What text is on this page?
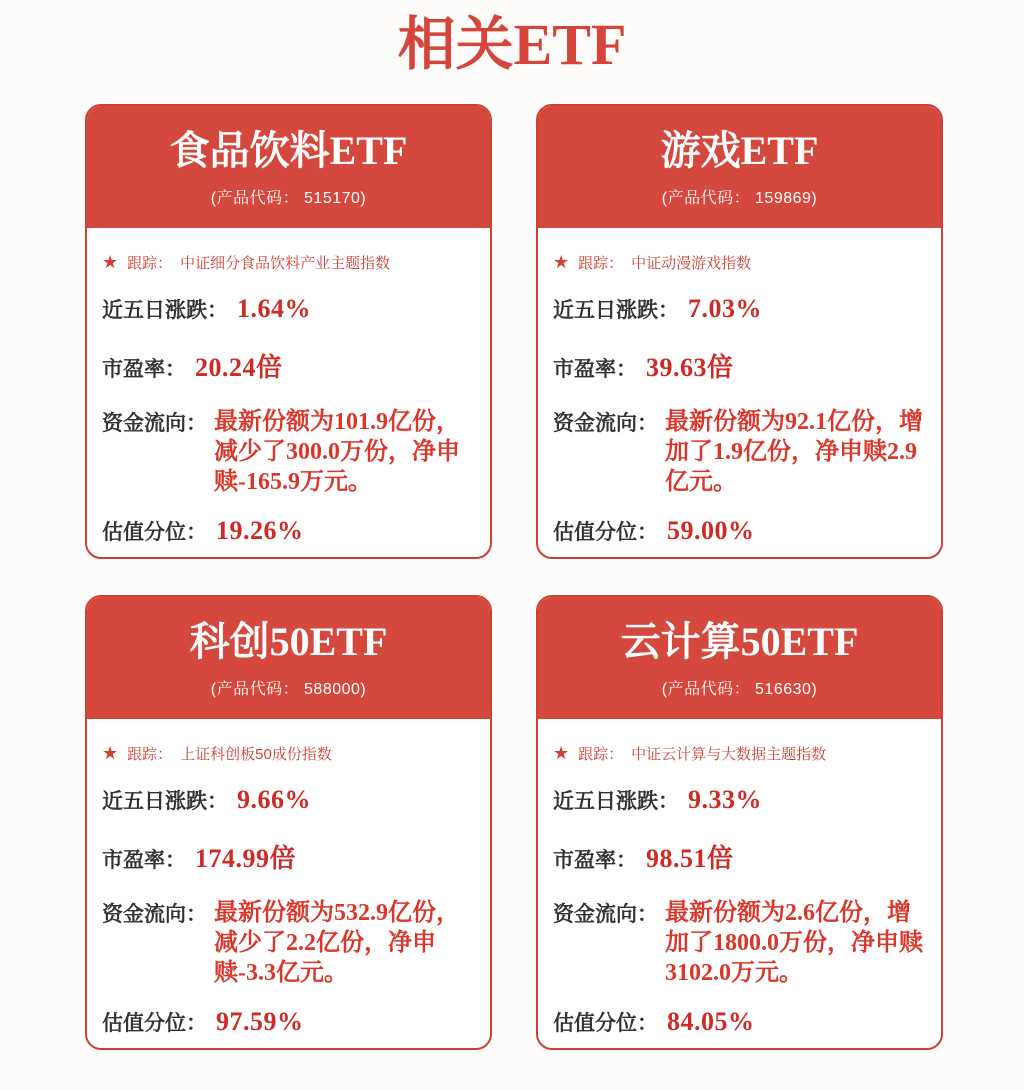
相关ETF
食品饮料ETF
(产品代码： 515170)
★ 跟踪： 中证细分食品饮料产业主题指数
近五日涨跌： 1.64%
市盈率： 20.24倍
资金流向： 最新份额为101.9亿份，减少了300.0万份，净申赎-165.9万元。
估值分位： 19.26%
游戏ETF
(产品代码： 159869)
★ 跟踪： 中证动漫游戏指数
近五日涨跌： 7.03%
市盈率： 39.63倍
资金流向： 最新份额为92.1亿份，增加了1.9亿份，净申赎2.9亿元。
估值分位： 59.00%
科创50ETF
(产品代码： 588000)
★ 跟踪： 上证科创板50成份指数
近五日涨跌： 9.66%
市盈率： 174.99倍
资金流向： 最新份额为532.9亿份，减少了2.2亿份，净申赎-3.3亿元。
估值分位： 97.59%
云计算50ETF
(产品代码： 516630)
★ 跟踪： 中证云计算与大数据主题指数
近五日涨跌： 9.33%
市盈率： 98.51倍
资金流向： 最新份额为2.6亿份，增加了1800.0万份，净申赎3102.0万元。
估值分位： 84.05%
